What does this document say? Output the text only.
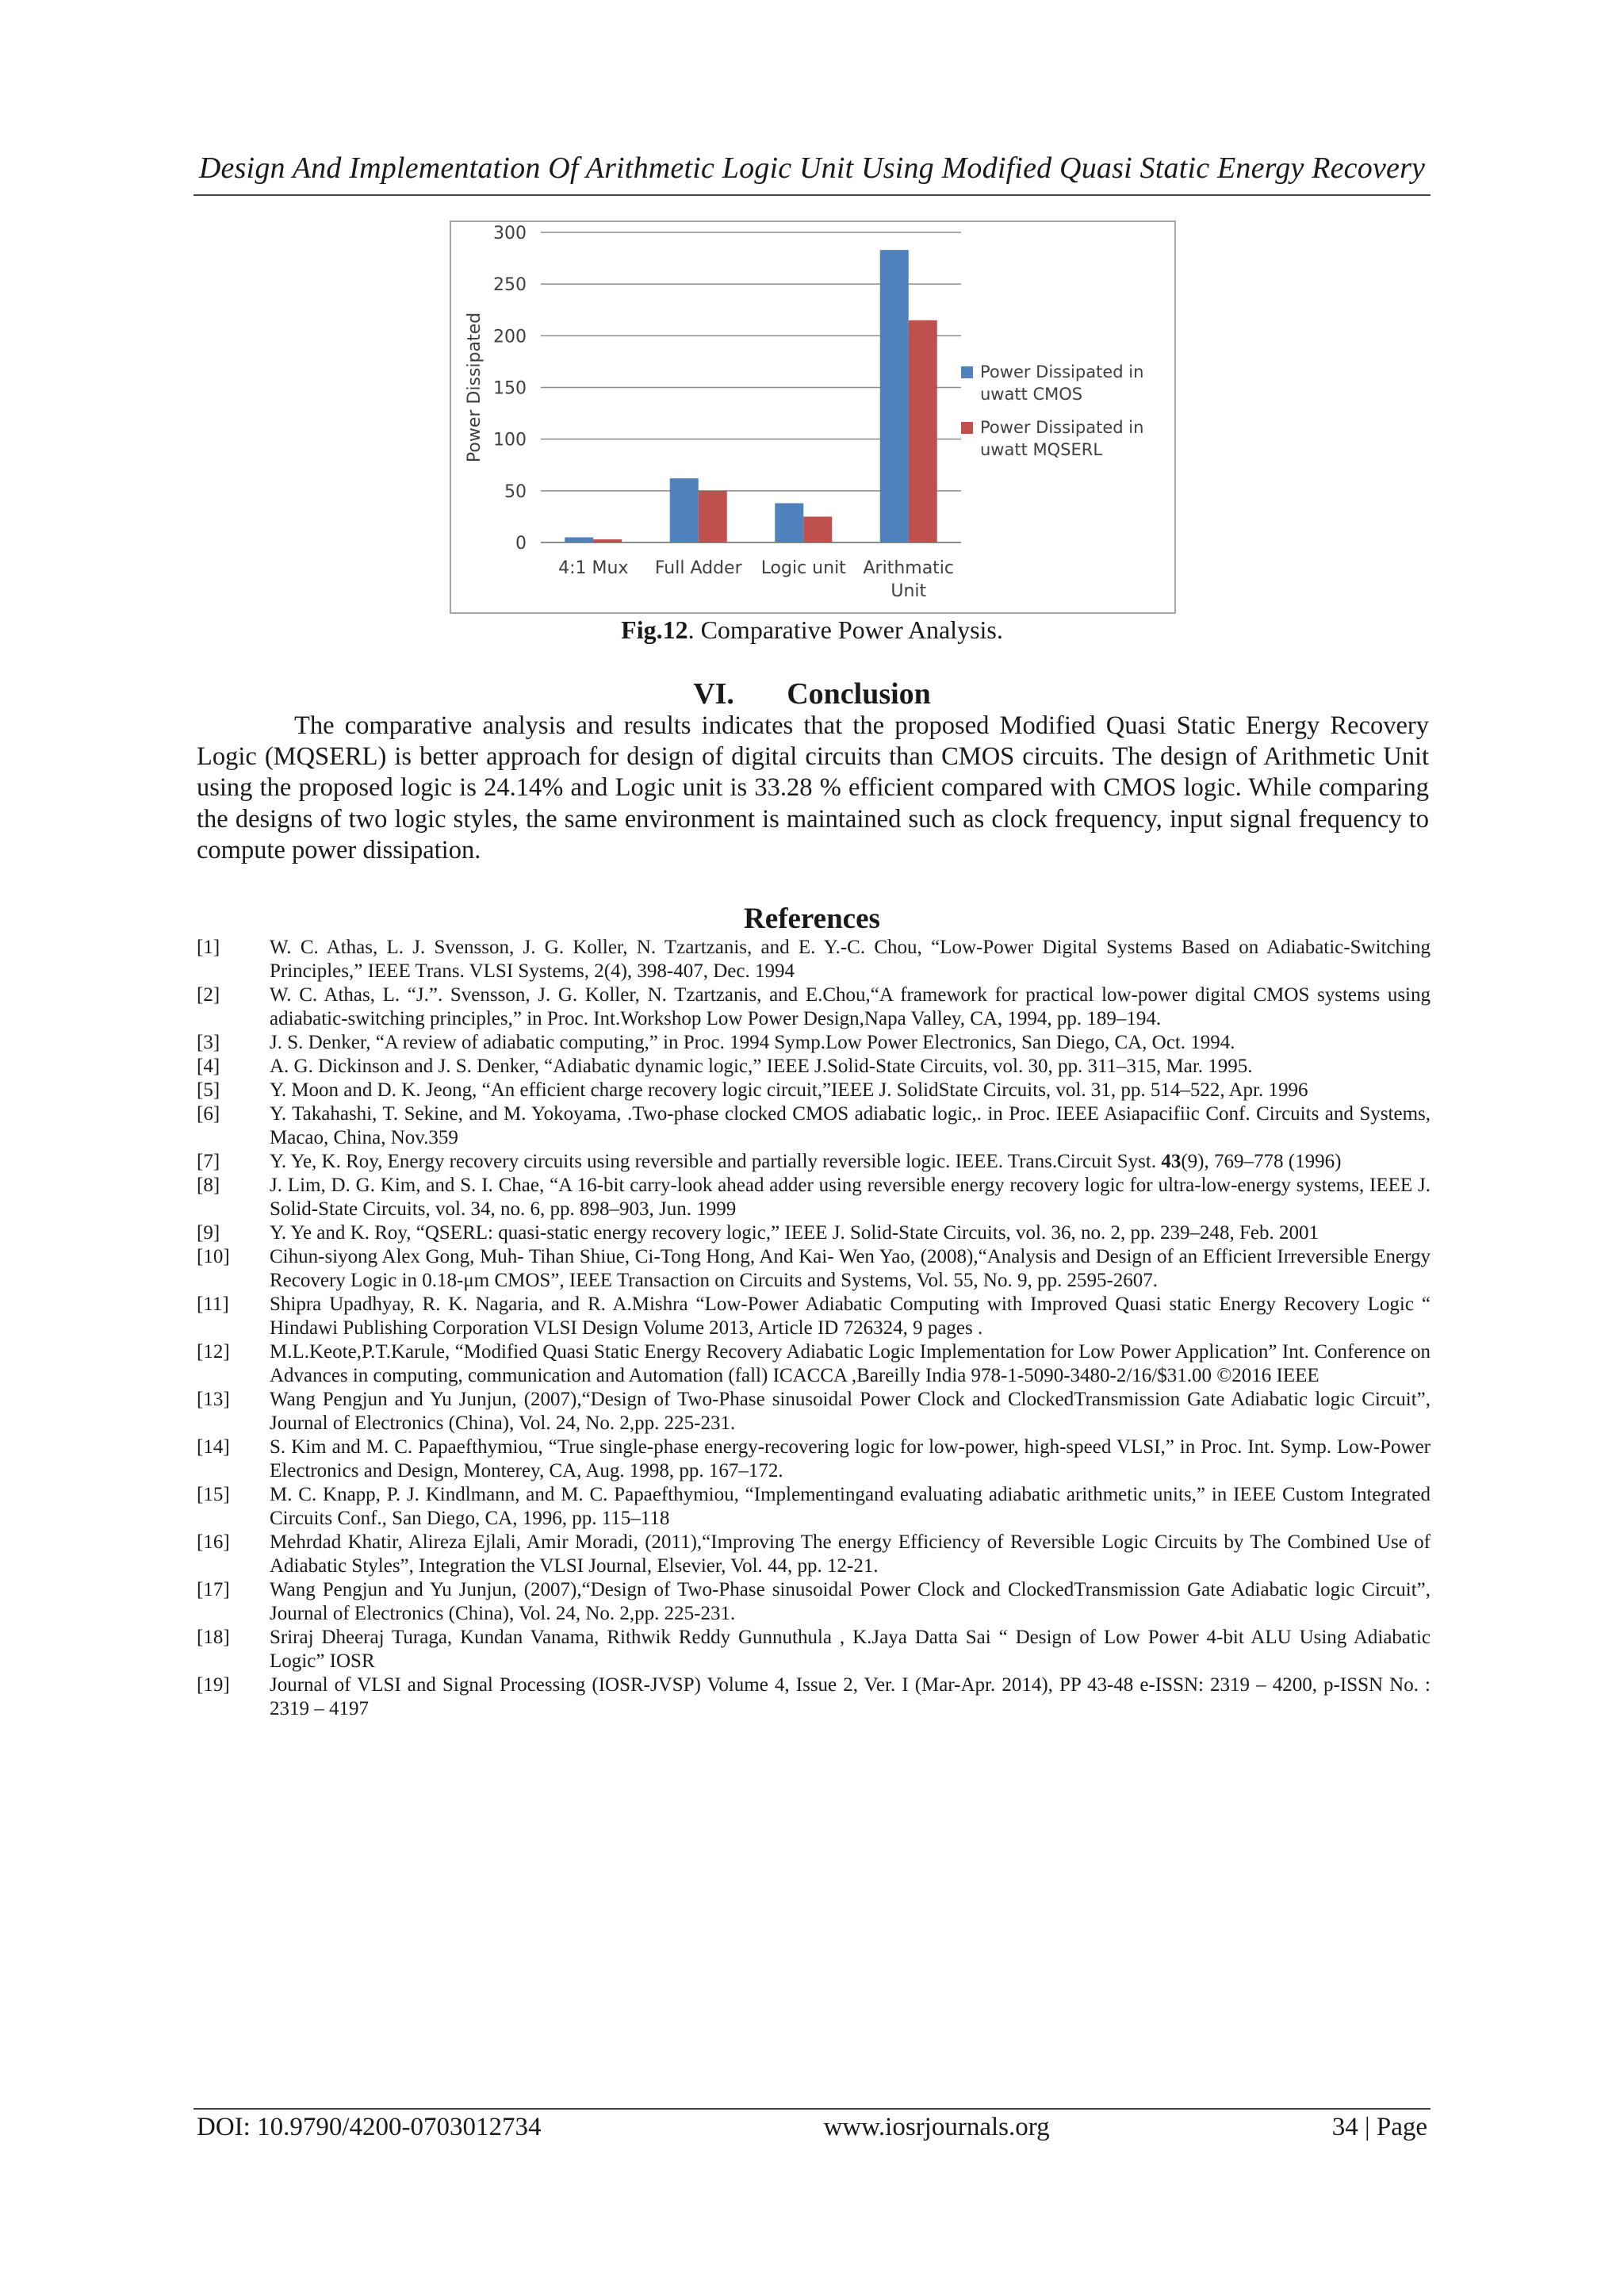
Design And Implementation Of Arithmetic Logic Unit Using Modified Quasi Static Energy Recovery
0
50
100
150
200
250
300
Power Dissipated
4:1 Mux Full Adder Logic unit Arithmatic
Unit
Power Dissipated in
uwatt CMOS
Power Dissipated in
uwatt MQSERL
Fig.12. Comparative Power Analysis.
VI. Conclusion

The comparative analysis and results indicates that the proposed Modified Quasi Static Energy Recovery Logic (MQSERL) is better approach for design of digital circuits than CMOS circuits. The design of Arithmetic Unit using the proposed logic is 24.14% and Logic unit is 33.28 % efficient compared with CMOS logic. While comparing the designs of two logic styles, the same environment is maintained such as clock frequency, input signal frequency to compute power dissipation.

References
[1]	W. C. Athas, L. J. Svensson, J. G. Koller, N. Tzartzanis, and E. Y.-C. Chou, “Low-Power Digital Systems Based on Adiabatic-Switching Principles,” IEEE Trans. VLSI Systems, 2(4), 398-407, Dec. 1994
[2]	W. C. Athas, L. “J.”. Svensson, J. G. Koller, N. Tzartzanis, and E.Chou,“A framework for practical low-power digital CMOS systems using adiabatic-switching principles,” in Proc. Int.Workshop Low Power Design,Napa Valley, CA, 1994, pp. 189–194.
[3]	J. S. Denker, “A review of adiabatic computing,” in Proc. 1994 Symp.Low Power Electronics, San Diego, CA, Oct. 1994.
[4]	A. G. Dickinson and J. S. Denker, “Adiabatic dynamic logic,” IEEE J.Solid-State Circuits, vol. 30, pp. 311–315, Mar. 1995.
[5]	Y. Moon and D. K. Jeong, “An efficient charge recovery logic circuit,”IEEE J. SolidState Circuits, vol. 31, pp. 514–522, Apr. 1996
[6]	Y. Takahashi, T. Sekine, and M. Yokoyama, .Two-phase clocked CMOS adiabatic logic,. in Proc. IEEE Asiapacifiic Conf. Circuits and Systems, Macao, China, Nov.359
[7]	Y. Ye, K. Roy, Energy recovery circuits using reversible and partially reversible logic. IEEE. Trans.Circuit Syst. 43(9), 769–778 (1996)
[8]	J. Lim, D. G. Kim, and S. I. Chae, “A 16-bit carry-look ahead adder using reversible energy recovery logic for ultra-low-energy systems, IEEE J. Solid-State Circuits, vol. 34, no. 6, pp. 898–903, Jun. 1999
[9]	Y. Ye and K. Roy, “QSERL: quasi-static energy recovery logic,” IEEE J. Solid-State Circuits, vol. 36, no. 2, pp. 239–248, Feb. 2001
[10]	Cihun-siyong Alex Gong, Muh- Tihan Shiue, Ci-Tong Hong, And Kai- Wen Yao, (2008),“Analysis and Design of an Efficient Irreversible Energy Recovery Logic in 0.18-μm CMOS”, IEEE Transaction on Circuits and Systems, Vol. 55, No. 9, pp. 2595-2607.
[11]	Shipra Upadhyay, R. K. Nagaria, and R. A.Mishra “Low-Power Adiabatic Computing with Improved Quasi static Energy Recovery Logic “ Hindawi Publishing Corporation VLSI Design Volume 2013, Article ID 726324, 9 pages .
[12]	M.L.Keote,P.T.Karule, “Modified Quasi Static Energy Recovery Adiabatic Logic Implementation for Low Power Application” Int. Conference on Advances in computing, communication and Automation (fall) ICACCA ,Bareilly India 978-1-5090-3480-2/16/$31.00 ©2016 IEEE
[13]	Wang Pengjun and Yu Junjun, (2007),“Design of Two-Phase sinusoidal Power Clock and ClockedTransmission Gate Adiabatic logic Circuit”, Journal of Electronics (China), Vol. 24, No. 2,pp. 225-231.
[14]	S. Kim and M. C. Papaefthymiou, “True single-phase energy-recovering logic for low-power, high-speed VLSI,” in Proc. Int. Symp. Low-Power Electronics and Design, Monterey, CA, Aug. 1998, pp. 167–172.
[15]	M. C. Knapp, P. J. Kindlmann, and M. C. Papaefthymiou, “Implementingand evaluating adiabatic arithmetic units,” in IEEE Custom Integrated Circuits Conf., San Diego, CA, 1996, pp. 115–118
[16]	Mehrdad Khatir, Alireza Ejlali, Amir Moradi, (2011),“Improving The energy Efficiency of Reversible Logic Circuits by The Combined Use of Adiabatic Styles”, Integration the VLSI Journal, Elsevier, Vol. 44, pp. 12-21.
[17]	Wang Pengjun and Yu Junjun, (2007),“Design of Two-Phase sinusoidal Power Clock and ClockedTransmission Gate Adiabatic logic Circuit”, Journal of Electronics (China), Vol. 24, No. 2,pp. 225-231.
[18]	Sriraj Dheeraj Turaga, Kundan Vanama, Rithwik Reddy Gunnuthula , K.Jaya Datta Sai “ Design of Low Power 4-bit ALU Using Adiabatic Logic” IOSR
[19]	Journal of VLSI and Signal Processing (IOSR-JVSP) Volume 4, Issue 2, Ver. I (Mar-Apr. 2014), PP 43-48 e-ISSN: 2319 – 4200, p-ISSN No. : 2319 – 4197
DOI: 10.9790/4200-0703012734	www.iosrjournals.org	34 | Page
